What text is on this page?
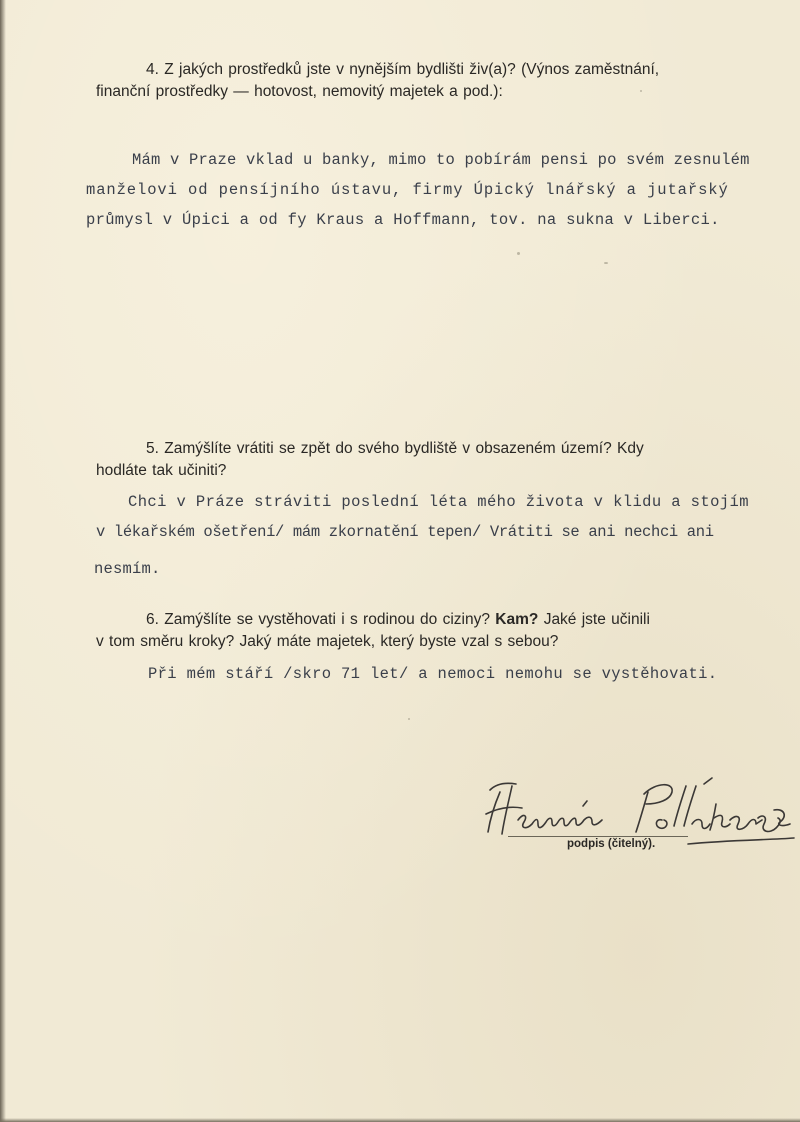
4. Z jakých prostředků jste v nynějším bydlišti živ(a)? (Výnos zaměstnání,
finanční prostředky — hotovost, nemovitý majetek a pod.):
Mám v Praze vklad u banky, mimo to pobírám pensi po svém zesnulém
manželovi od pensíjního ústavu, firmy Úpický lnářský a jutařský
průmysl v Úpici a od fy Kraus a Hoffmann, tov. na sukna v Liberci.
5. Zamýšlíte vrátiti se zpět do svého bydliště v obsazeném území? Kdy
hodláte tak učiniti?
Chci v Práze stráviti poslední léta mého života v klidu a stojím
v lékařském ošetření/ mám zkornatění tepen/ Vrátiti se ani nechci ani
nesmím.
6. Zamýšlíte se vystěhovati i s rodinou do ciziny? Kam? Jaké jste učinili
v tom směru kroky? Jaký máte majetek, který byste vzal s sebou?
Při mém stáří /skro 71 let/ a nemoci nemohu se vystěhovati.
podpis (čitelný).
